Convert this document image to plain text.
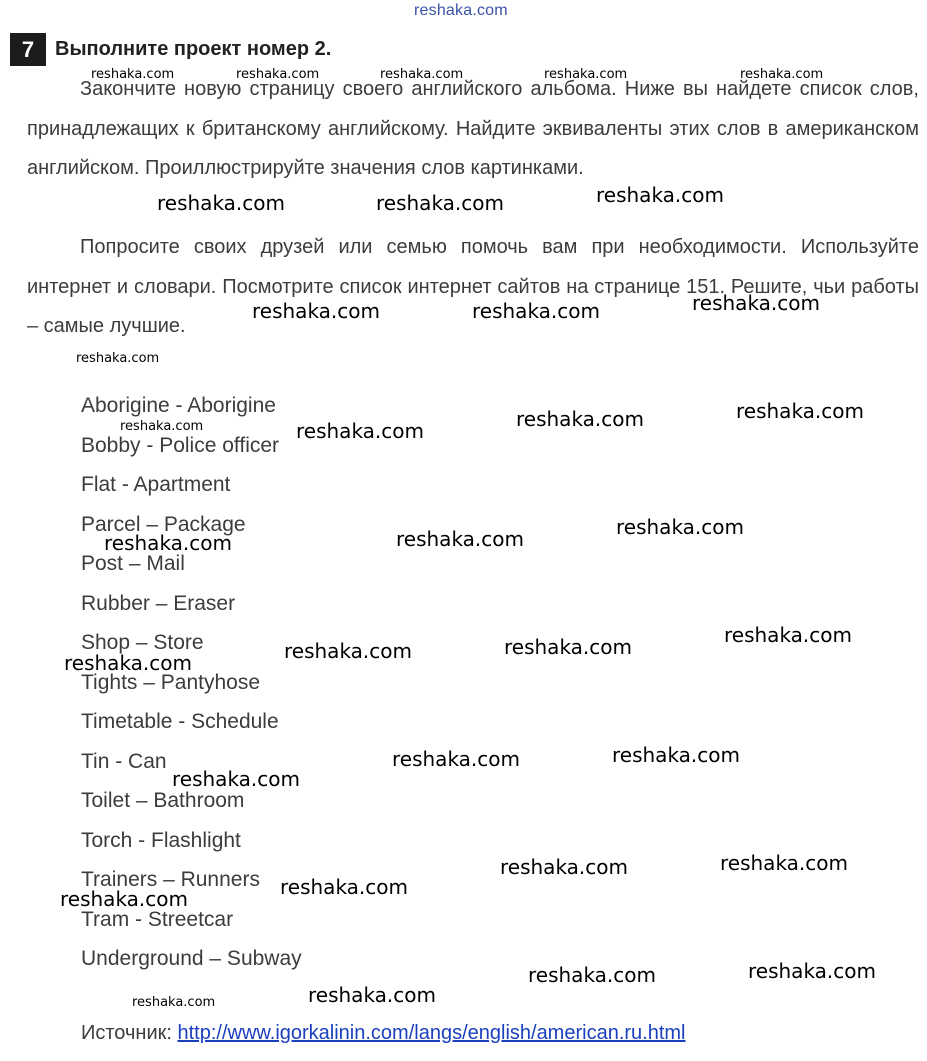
reshaka.com
7	Выполните проект номер 2.

Закончите новую страницу своего английского альбома. Ниже вы найдете список слов, принадлежащих к британскому английскому. Найдите эквиваленты этих слов в американском английском. Проиллюстрируйте значения слов картинками.

Попросите своих друзей или семью помочь вам при необходимости. Используйте интернет и словари. Посмотрите список интернет сайтов на странице 151. Решите, чьи работы – самые лучшие.

Aborigine - Aborigine
Bobby - Police officer
Flat - Apartment
Parcel – Package
Post – Mail
Rubber – Eraser
Shop – Store
Tights – Pantyhose
Timetable - Schedule
Tin - Can
Toilet – Bathroom
Torch - Flashlight
Trainers – Runners
Tram - Streetcar
Underground – Subway
Источник: http://www.igorkalinin.com/langs/english/american.ru.html
reshaka.com	reshaka.com	reshaka.com	reshaka.com	reshaka.com
reshaka.com	reshaka.com	reshaka.com
reshaka.com	reshaka.com	reshaka.com
reshaka.com
reshaka.com	reshaka.com
reshaka.com	reshaka.com
reshaka.com
reshaka.com	reshaka.com
reshaka.com
reshaka.com
reshaka.com
reshaka.com
reshaka.com
reshaka.com
reshaka.com
reshaka.com
reshaka.com
reshaka.com
reshaka.com
reshaka.com
reshaka.com
reshaka.com
reshaka.com
